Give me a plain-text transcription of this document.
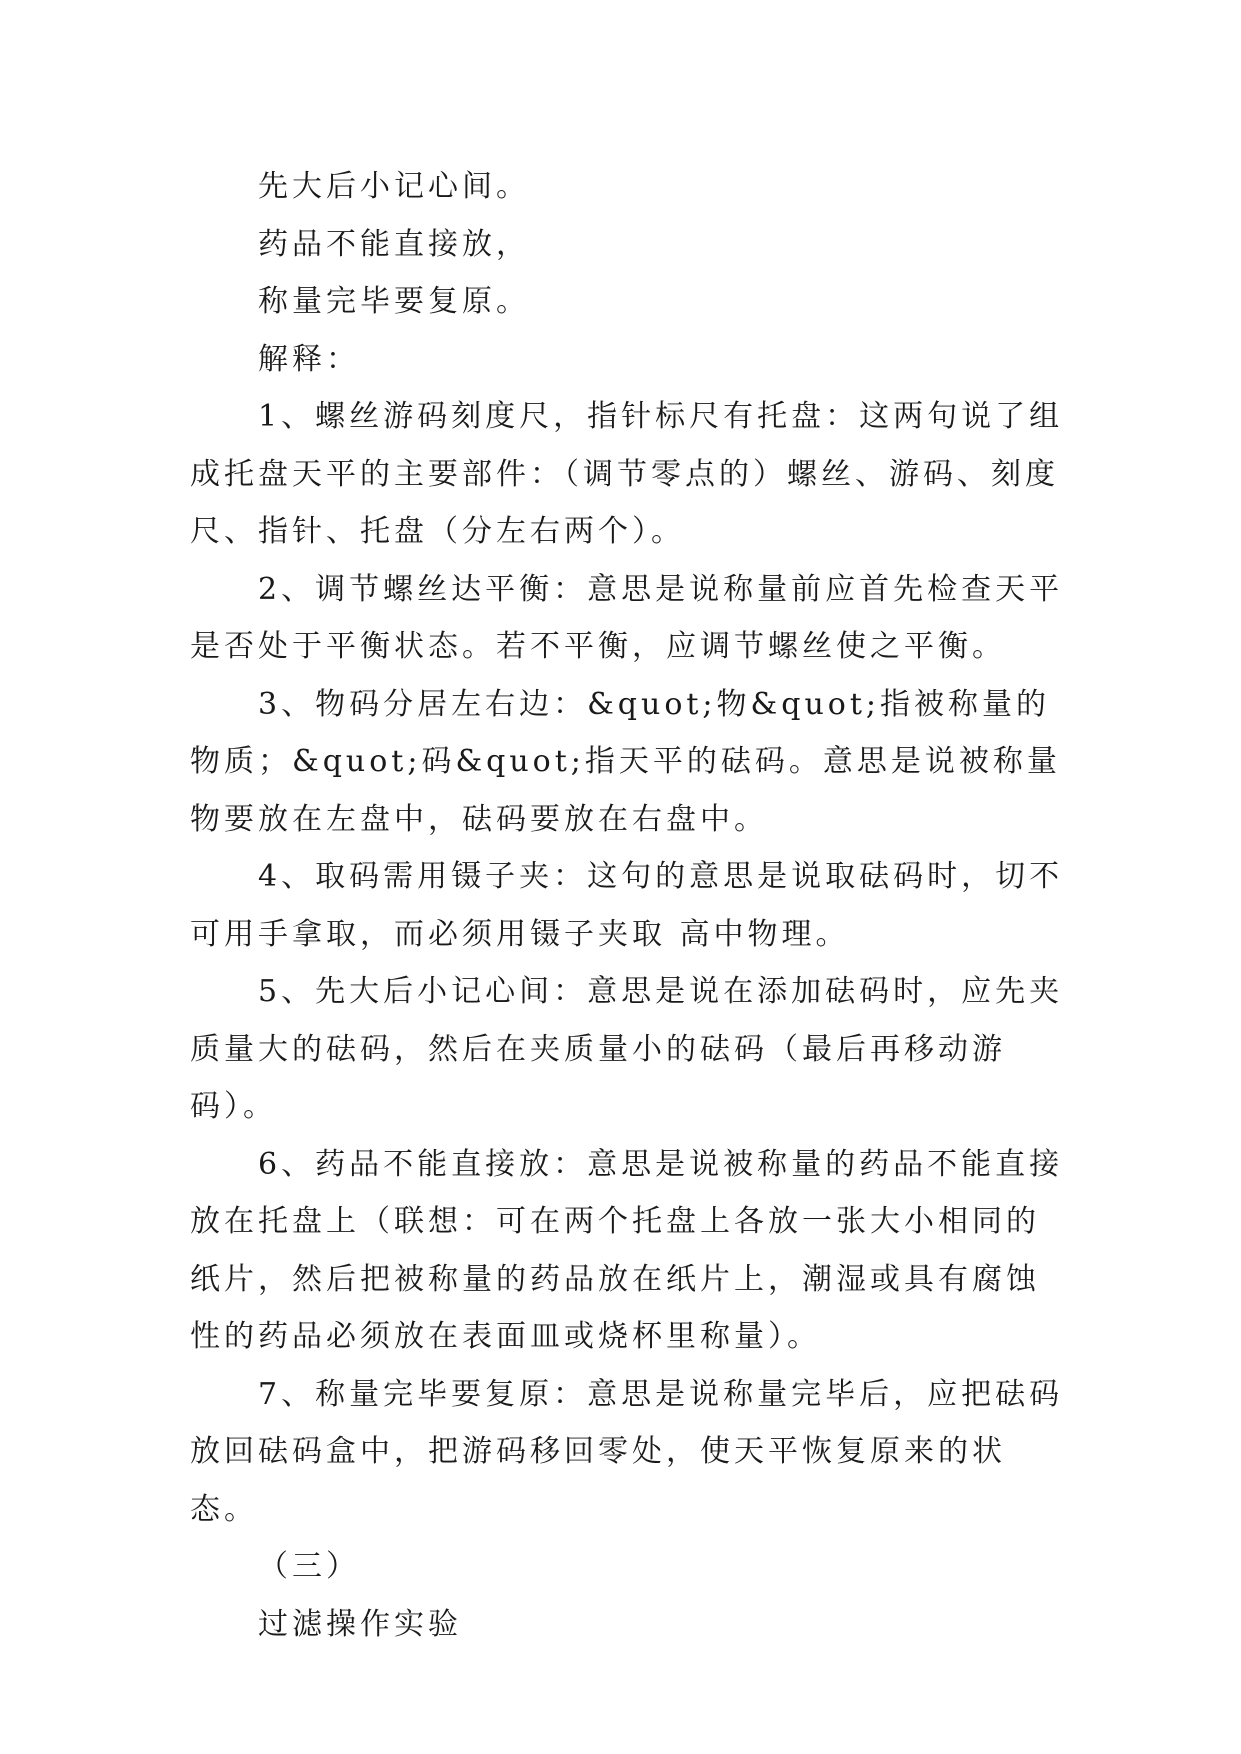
先大后小记心间。

药品不能直接放，

称量完毕要复原。

解释：

1、螺丝游码刻度尺，指针标尺有托盘：这两句说了组成托盘天平的主要部件：（调节零点的）螺丝、游码、刻度尺、指针、托盘（分左右两个）。

2、调节螺丝达平衡：意思是说称量前应首先检查天平是否处于平衡状态。若不平衡，应调节螺丝使之平衡。

3、物码分居左右边：&quot;物&quot;指被称量的物质；&quot;码&quot;指天平的砝码。意思是说被称量物要放在左盘中，砝码要放在右盘中。

4、取码需用镊子夹：这句的意思是说取砝码时，切不可用手拿取，而必须用镊子夹取 高中物理。

5、先大后小记心间：意思是说在添加砝码时，应先夹质量大的砝码，然后在夹质量小的砝码（最后再移动游码）。

6、药品不能直接放：意思是说被称量的药品不能直接放在托盘上（联想：可在两个托盘上各放一张大小相同的纸片，然后把被称量的药品放在纸片上，潮湿或具有腐蚀性的药品必须放在表面皿或烧杯里称量）。

7、称量完毕要复原：意思是说称量完毕后，应把砝码放回砝码盒中，把游码移回零处，使天平恢复原来的状态。

（三）

过滤操作实验
